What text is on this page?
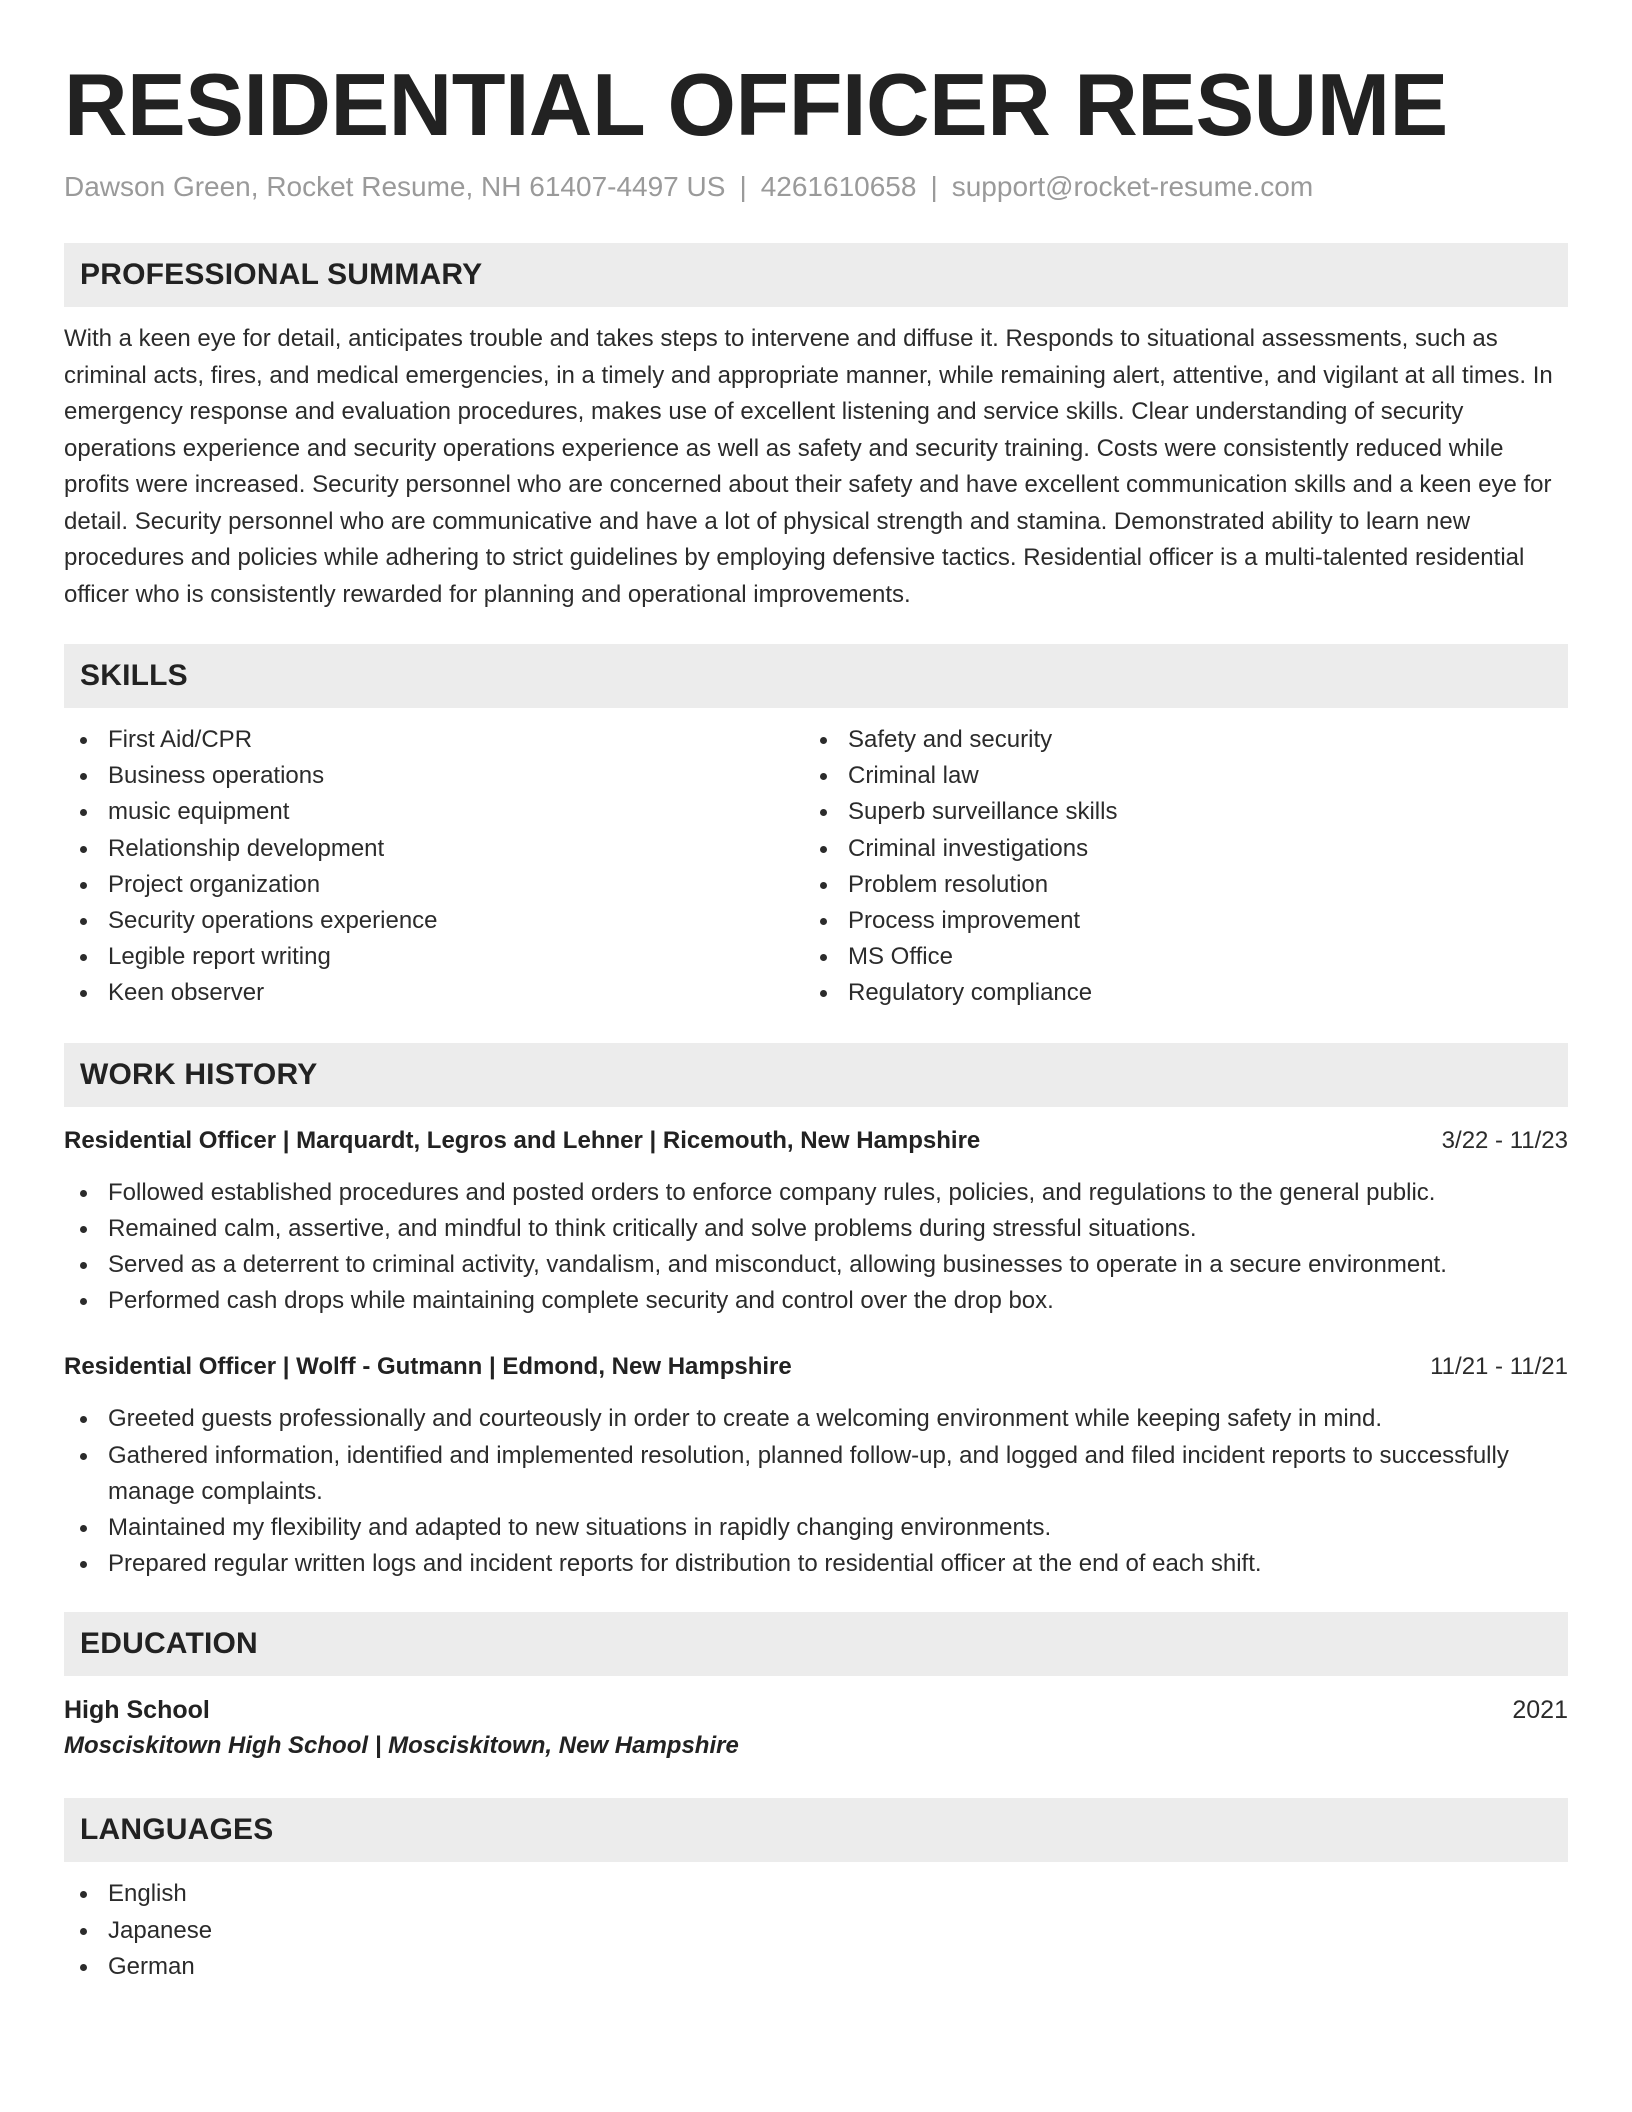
RESIDENTIAL OFFICER RESUME
Dawson Green, Rocket Resume, NH 61407-4497 US | 4261610658 | support@rocket-resume.com
PROFESSIONAL SUMMARY

With a keen eye for detail, anticipates trouble and takes steps to intervene and diffuse it. Responds to situational assessments, such as criminal acts, fires, and medical emergencies, in a timely and appropriate manner, while remaining alert, attentive, and vigilant at all times. In emergency response and evaluation procedures, makes use of excellent listening and service skills. Clear understanding of security operations experience and security operations experience as well as safety and security training. Costs were consistently reduced while profits were increased. Security personnel who are concerned about their safety and have excellent communication skills and a keen eye for detail. Security personnel who are communicative and have a lot of physical strength and stamina. Demonstrated ability to learn new procedures and policies while adhering to strict guidelines by employing defensive tactics. Residential officer is a multi-talented residential officer who is consistently rewarded for planning and operational improvements.

SKILLS
First Aid/CPR
Business operations
music equipment
Relationship development
Project organization
Security operations experience
Legible report writing
Keen observer
Safety and security
Criminal law
Superb surveillance skills
Criminal investigations
Problem resolution
Process improvement
MS Office
Regulatory compliance
WORK HISTORY
Residential Officer | Marquardt, Legros and Lehner | Ricemouth, New Hampshire	3/22 - 11/23
Followed established procedures and posted orders to enforce company rules, policies, and regulations to the general public.
Remained calm, assertive, and mindful to think critically and solve problems during stressful situations.
Served as a deterrent to criminal activity, vandalism, and misconduct, allowing businesses to operate in a secure environment.
Performed cash drops while maintaining complete security and control over the drop box.
Residential Officer | Wolff - Gutmann | Edmond, New Hampshire	11/21 - 11/21
Greeted guests professionally and courteously in order to create a welcoming environment while keeping safety in mind.
Gathered information, identified and implemented resolution, planned follow-up, and logged and filed incident reports to successfully manage complaints.
Maintained my flexibility and adapted to new situations in rapidly changing environments.
Prepared regular written logs and incident reports for distribution to residential officer at the end of each shift.
EDUCATION
High School	2021
Mosciskitown High School | Mosciskitown, New Hampshire
LANGUAGES
English
Japanese
German
